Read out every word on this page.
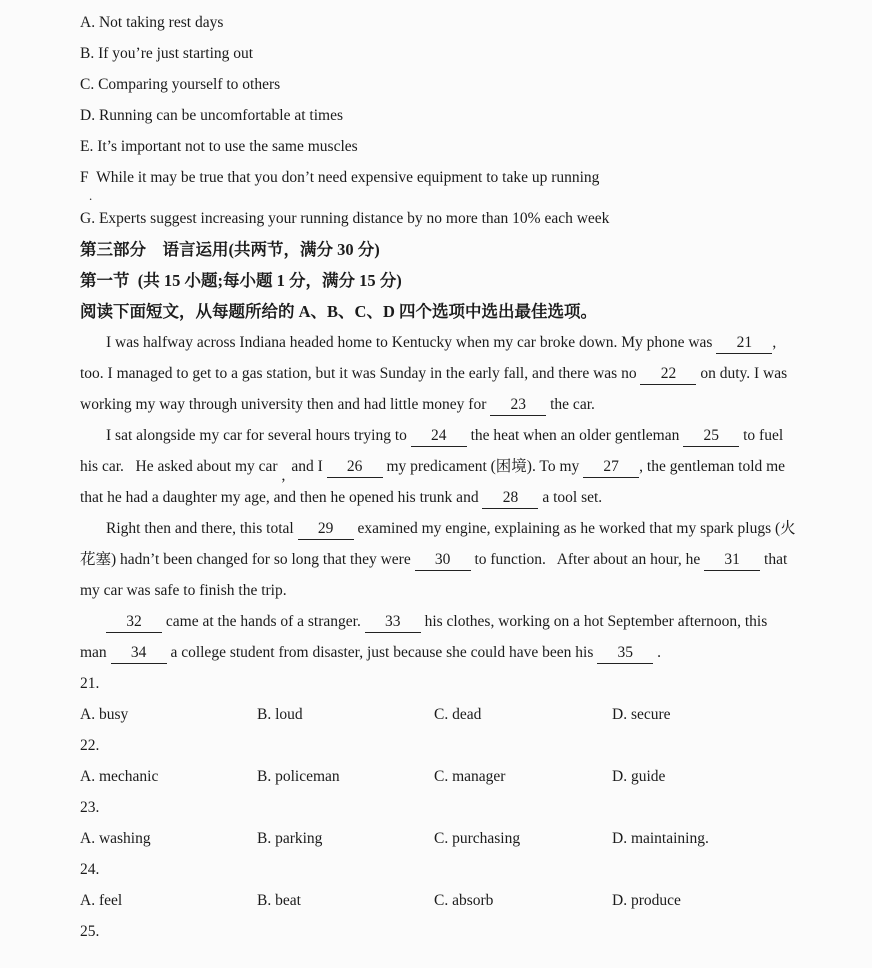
A. Not taking rest days
B. If you’re just starting out
C. Comparing yourself to others
D. Running can be uncomfortable at times
E. It’s important not to use the same muscles
F  While it may be true that you don’t need expensive equipment to take up running
.
G. Experts suggest increasing your running distance by no more than 10% each week
第三部分　语言运用(共两节，满分 30 分)
第一节  (共 15 小题;每小题 1 分，满分 15 分)
阅读下面短文，从每题所给的 A、B、C、D 四个选项中选出最佳选项。
I was halfway across Indiana headed home to Kentucky when my car broke down. My phone was 21 ,
too. I managed to get to a gas station, but it was Sunday in the early fall, and there was no 22 on duty. I was
working my way through university then and had little money for 23 the car.
I sat alongside my car for several hours trying to 24 the heat when an older gentleman 25 to fuel
his car.   He asked about my car , and I 26 my predicament (困境). To my 27 , the gentleman told me
that he had a daughter my age, and then he opened his trunk and 28 a tool set.
Right then and there, this total 29 examined my engine, explaining as he worked that my spark plugs (火
花塞) hadn’t been changed for so long that they were 30 to function.   After about an hour, he 31 that
my car was safe to finish the trip.
32 came at the hands of a stranger. 33 his clothes, working on a hot September afternoon, this
man 34 a college student from disaster, just because she could have been his 35 .
21.
A. busy	B. loud	C. dead	D. secure
22.
A. mechanic	B. policeman	C. manager	D. guide
23.
A. washing	B. parking	C. purchasing	D. maintaining.
24.
A. feel	B. beat	C. absorb	D. produce
25.
